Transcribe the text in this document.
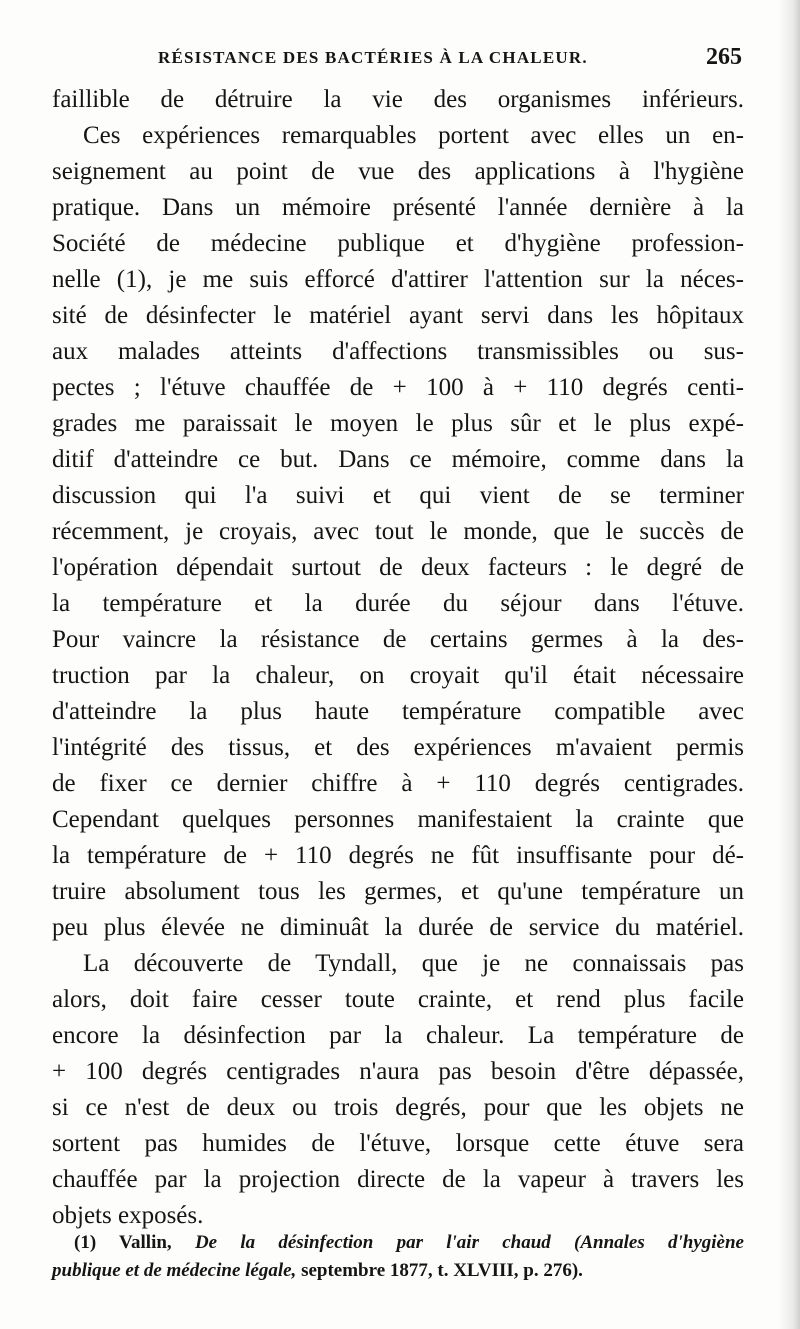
RÉSISTANCE DES BACTÉRIES À LA CHALEUR.	265
faillible de détruire la vie des organismes inférieurs.
Ces expériences remarquables portent avec elles un en-
seignement au point de vue des applications à l'hygiène
pratique. Dans un mémoire présenté l'année dernière à la
Société de médecine publique et d'hygiène profession-
nelle (1), je me suis efforcé d'attirer l'attention sur la néces-
sité de désinfecter le matériel ayant servi dans les hôpitaux
aux malades atteints d'affections transmissibles ou sus-
pectes ; l'étuve chauffée de + 100 à + 110 degrés centi-
grades me paraissait le moyen le plus sûr et le plus expé-
ditif d'atteindre ce but. Dans ce mémoire, comme dans la
discussion qui l'a suivi et qui vient de se terminer
récemment, je croyais, avec tout le monde, que le succès de
l'opération dépendait surtout de deux facteurs : le degré de
la température et la durée du séjour dans l'étuve.
Pour vaincre la résistance de certains germes à la des-
truction par la chaleur, on croyait qu'il était nécessaire
d'atteindre la plus haute température compatible avec
l'intégrité des tissus, et des expériences m'avaient permis
de fixer ce dernier chiffre à + 110 degrés centigrades.
Cependant quelques personnes manifestaient la crainte que
la température de + 110 degrés ne fût insuffisante pour dé-
truire absolument tous les germes, et qu'une température un
peu plus élevée ne diminuât la durée de service du matériel.
La découverte de Tyndall, que je ne connaissais pas
alors, doit faire cesser toute crainte, et rend plus facile
encore la désinfection par la chaleur. La température de
+ 100 degrés centigrades n'aura pas besoin d'être dépassée,
si ce n'est de deux ou trois degrés, pour que les objets ne
sortent pas humides de l'étuve, lorsque cette étuve sera
chauffée par la projection directe de la vapeur à travers les
objets exposés.
(1) Vallin, De la désinfection par l'air chaud (Annales d'hygiène
publique et de médecine légale, septembre 1877, t. XLVIII, p. 276).
